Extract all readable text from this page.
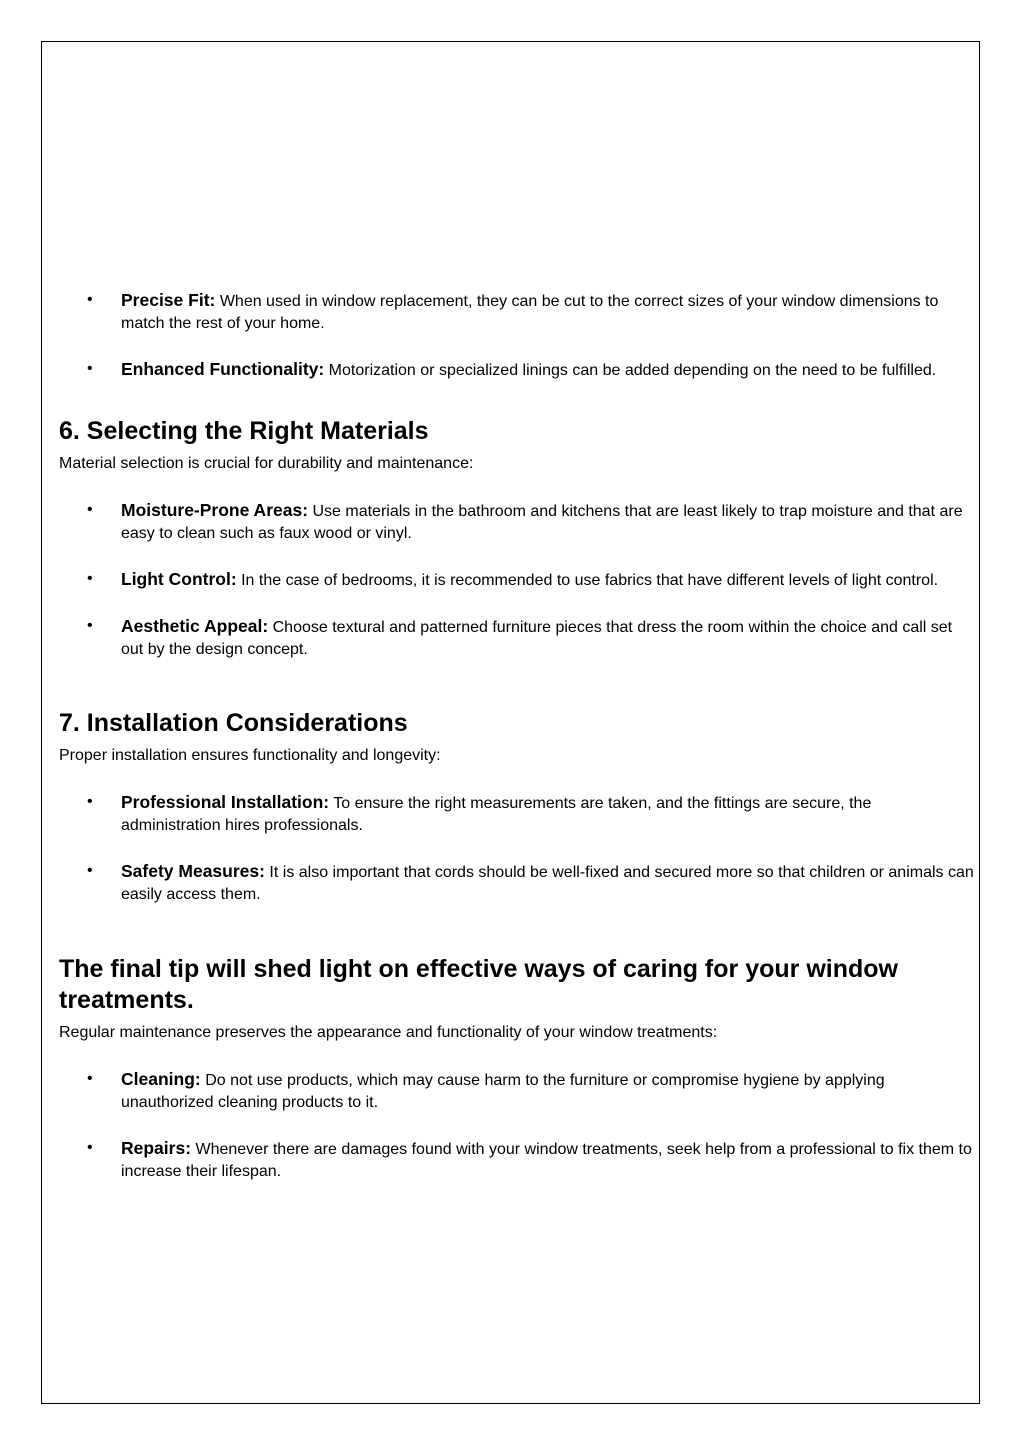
• Precise Fit: When used in window replacement, they can be cut to the correct sizes of your window dimensions to match the rest of your home.
• Enhanced Functionality: Motorization or specialized linings can be added depending on the need to be fulfilled.
6. Selecting the Right Materials

Material selection is crucial for durability and maintenance:

• Moisture-Prone Areas: Use materials in the bathroom and kitchens that are least likely to trap moisture and that are easy to clean such as faux wood or vinyl.
• Light Control: In the case of bedrooms, it is recommended to use fabrics that have different levels of light control.
• Aesthetic Appeal: Choose textural and patterned furniture pieces that dress the room within the choice and call set out by the design concept.
7. Installation Considerations

Proper installation ensures functionality and longevity:

• Professional Installation: To ensure the right measurements are taken, and the fittings are secure, the administration hires professionals.
• Safety Measures: It is also important that cords should be well-fixed and secured more so that children or animals can easily access them.
The final tip will shed light on effective ways of caring for your window treatments.

Regular maintenance preserves the appearance and functionality of your window treatments:

• Cleaning: Do not use products, which may cause harm to the furniture or compromise hygiene by applying unauthorized cleaning products to it.
• Repairs: Whenever there are damages found with your window treatments, seek help from a professional to fix them to increase their lifespan.
